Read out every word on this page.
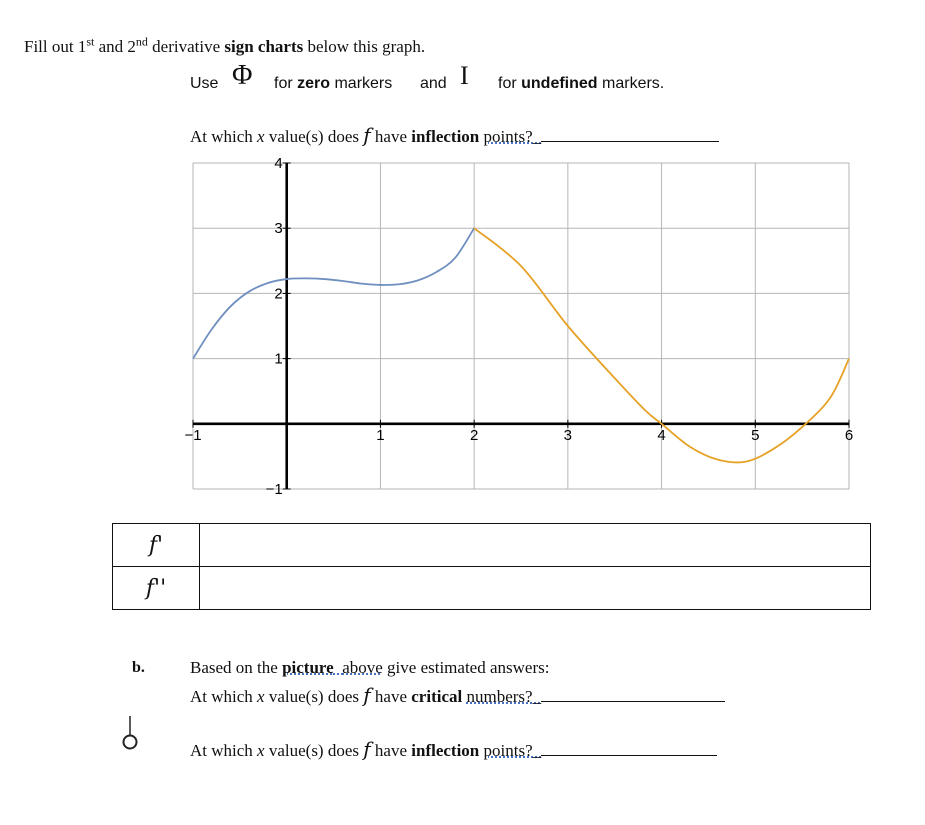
Fill out 1st and 2nd derivative sign charts below this graph.
Use Φ for zero markers and I for undefined markers.
At which x value(s) does f have inflection points?_
−1	1	2	3	4	5	6
4
3
2
1
−1
f'	
f''	
b.	Based on the picture above give estimated answers:
At which x value(s) does f have critical numbers?_
At which x value(s) does f have inflection points?_
